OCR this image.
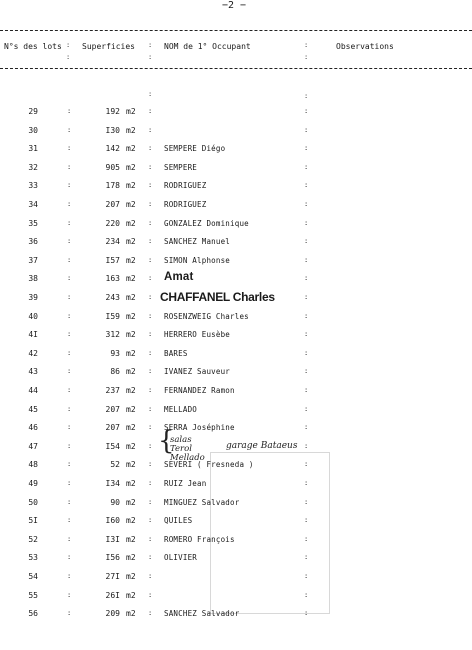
−2 −
N°s des lots	Superficies	NOM de 1° Occupant	Observations
:	:	:
:	:	:
:	:
29	:	192 m2 :	:
30	:	I30 m2 :	:
31	:	142 m2 : SEMPERE Diégo	:
32	:	905 m2 : SEMPERE	:
33	:	178 m2 : RODRIGUEZ	:
34	:	207 m2 : RODRIGUEZ	:
35	:	220 m2 : GONZALEZ Dominique	:
36	:	234 m2 : SANCHEZ Manuel	:
37	:	I57 m2 : SIMON Alphonse	:
38	:	163 m2 : Amat	:
39	:	243 m2 : CHAFFANEL Charles	:
40	:	I59 m2 : ROSENZWEIG Charles	:
4I	:	312 m2 : HERRERO Eusèbe	:
42	:	93 m2 : BARES	:
43	:	86 m2 : IVANEZ Sauveur	:
44	:	237 m2 : FERNANDEZ Ramon	:
45	:	207 m2 : MELLADO	:
46	:	207 m2 : SERRA Joséphine	:
47	:	I54 m2 :	:
48	:	52 m2 : SEVERI ( Fresneda )	:
49	:	I34 m2 : RUIZ Jean	:
50	:	90 m2 : MINGUEZ Salvador	:
5I	:	I60 m2 : QUILES	:
52	:	I3I m2 : ROMERO François	:
53	:	I56 m2 : OLIVIER	:
54	:	27I m2 :	:
55	:	26I m2 :	:
56	:	209 m2 : SANCHEZ Salvador	:
{
salas
Terol
Mellado
garage Bataeus
